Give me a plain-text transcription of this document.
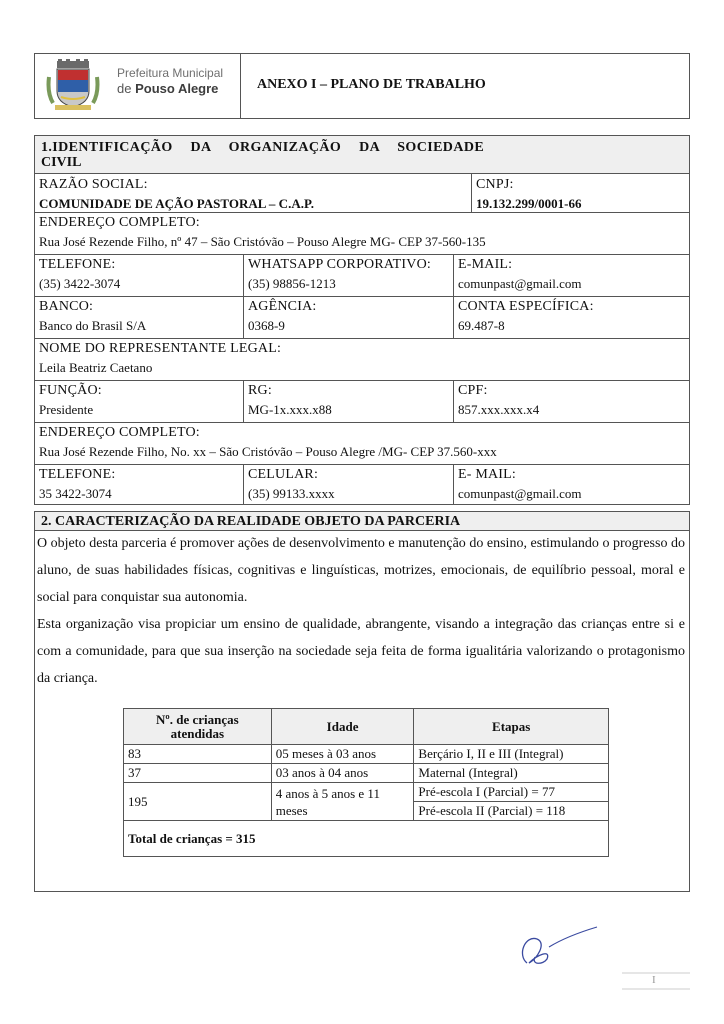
Prefeitura Municipal
de Pouso Alegre	ANEXO I – PLANO DE TRABALHO
1.IDENTIFICAÇÃO DA ORGANIZAÇÃO DA SOCIEDADE
CIVIL
RAZÃO SOCIAL:
COMUNIDADE DE AÇÃO PASTORAL – C.A.P.
CNPJ:
19.132.299/0001-66
ENDEREÇO COMPLETO:
Rua José Rezende Filho, nº 47 – São Cristóvão – Pouso Alegre MG- CEP 37-560-135
TELEFONE:
(35) 3422-3074
WHATSAPP CORPORATIVO:
(35) 98856-1213
E-MAIL:
comunpast@gmail.com
BANCO:
Banco do Brasil S/A
AGÊNCIA:
0368-9
CONTA ESPECÍFICA:
69.487-8
NOME DO REPRESENTANTE LEGAL:
Leila Beatriz Caetano
FUNÇÃO:
Presidente
RG:
MG-1x.xxx.x88
CPF:
857.xxx.xxx.x4
ENDEREÇO COMPLETO:
Rua José Rezende Filho, No. xx – São Cristóvão – Pouso Alegre /MG- CEP 37.560-xxx
TELEFONE:
35 3422-3074
CELULAR:
(35) 99133.xxxx
E- MAIL:
comunpast@gmail.com
2. CARACTERIZAÇÃO DA REALIDADE OBJETO DA PARCERIA
O objeto desta parceria é promover ações de desenvolvimento e manutenção do ensino, estimulando o progresso do aluno, de suas habilidades físicas, cognitivas e linguísticas, motrizes, emocionais, de equilíbrio pessoal, moral e social para conquistar sua autonomia.
Esta organização visa propiciar um ensino de qualidade, abrangente, visando a integração das crianças entre si e com a comunidade, para que sua inserção na sociedade seja feita de forma igualitária valorizando o protagonismo da criança.
Nº. de crianças atendidas	Idade	Etapas
83	05 meses à 03 anos	Berçário I, II e III (Integral)
37	03 anos à 04 anos	Maternal (Integral)
195	4 anos à 5 anos e 11 meses	Pré-escola I (Parcial) = 77
		Pré-escola II (Parcial) = 118
Total de crianças = 315		
I
